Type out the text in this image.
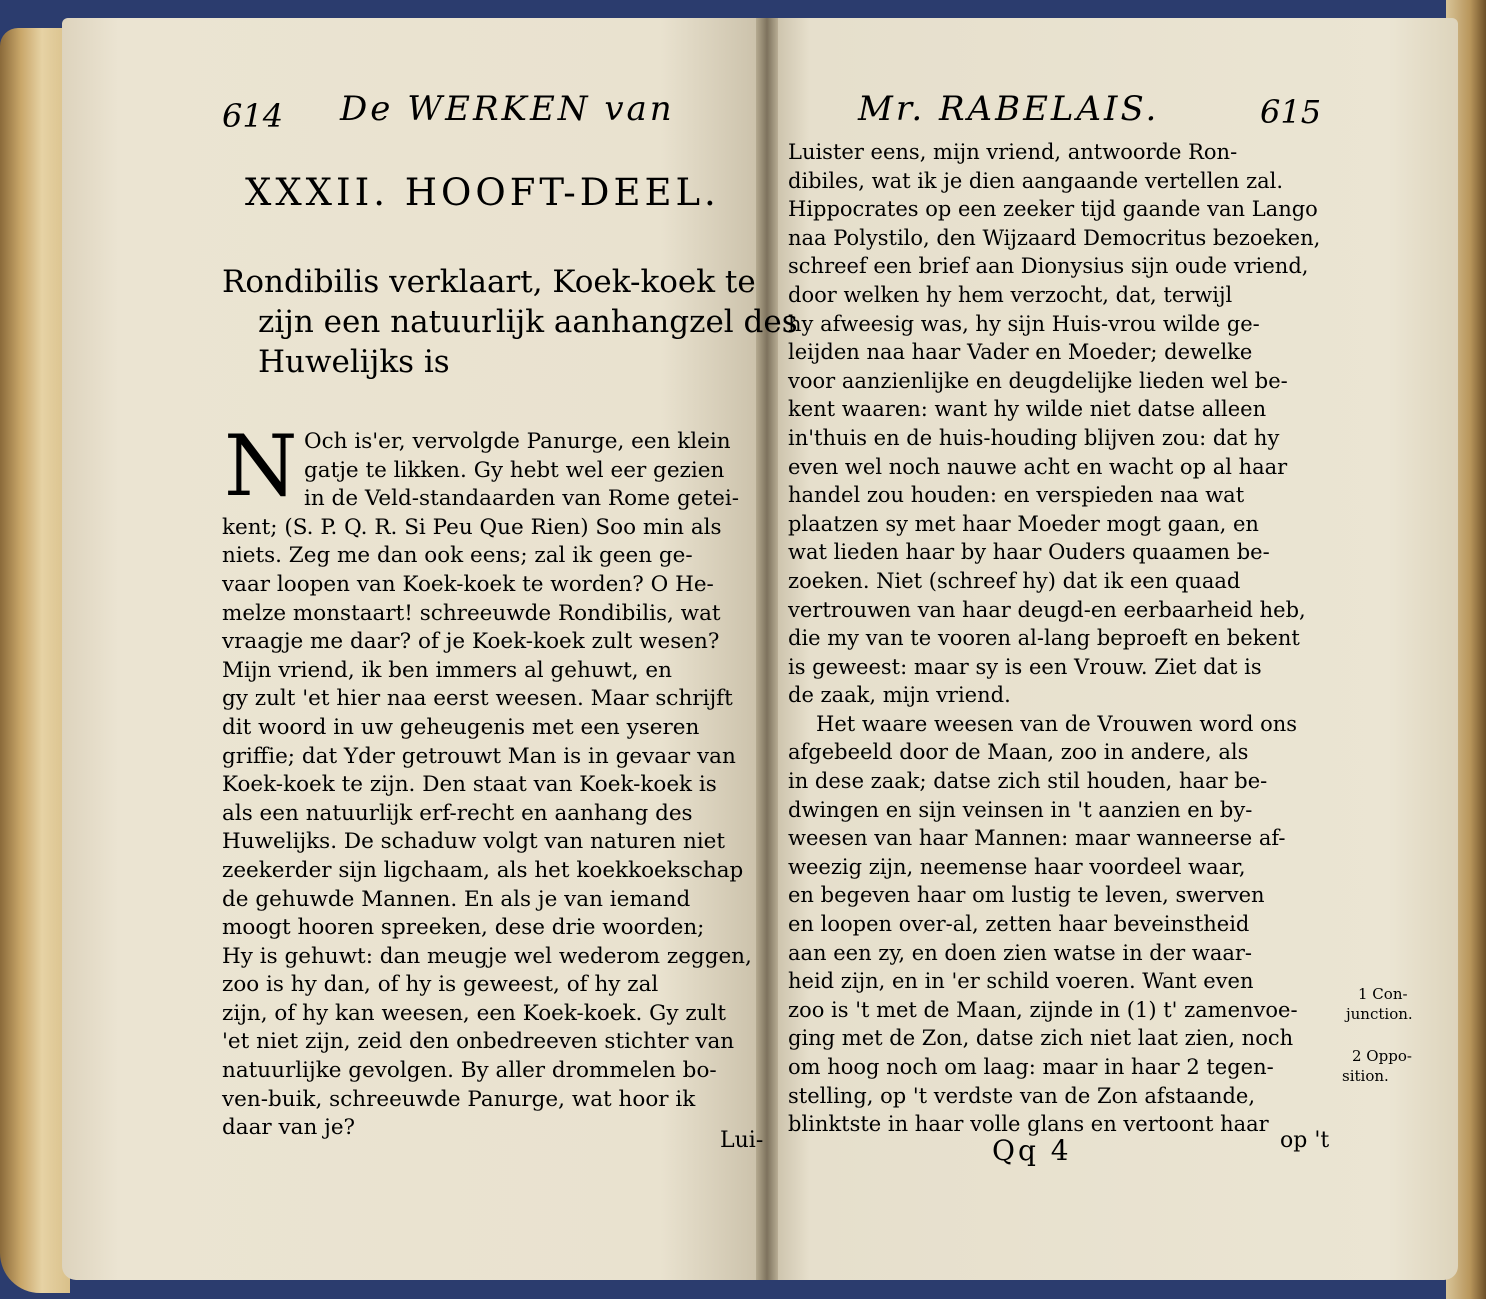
614 De WERKEN van
XXXII. HOOFT-DEEL.
Rondibilis verklaart, Koek-koek te
zijn een natuurlijk aanhangzel des
Huwelijks is
N Och is'er, vervolgde Panurge, een klein
gatje te likken. Gy hebt wel eer gezien
in de Veld-standaarden van Rome getei-
kent; (S. P. Q. R. Si Peu Que Rien) Soo min als
niets. Zeg me dan ook eens; zal ik geen ge-
vaar loopen van Koek-koek te worden? O He-
melze monstaart! schreeuwde Rondibilis, wat
vraagje me daar? of je Koek-koek zult wesen?
Mijn vriend, ik ben immers al gehuwt, en
gy zult 'et hier naa eerst weesen. Maar schrijft
dit woord in uw geheugenis met een yseren
griffie; dat Yder getrouwt Man is in gevaar van
Koek-koek te zijn. Den staat van Koek-koek is
als een natuurlijk erf-recht en aanhang des
Huwelijks. De schaduw volgt van naturen niet
zeekerder sijn ligchaam, als het koekkoekschap
de gehuwde Mannen. En als je van iemand
moogt hooren spreeken, dese drie woorden;
Hy is gehuwt: dan meugje wel wederom zeggen,
zoo is hy dan, of hy is geweest, of hy zal
zijn, of hy kan weesen, een Koek-koek. Gy zult
'et niet zijn, zeid den onbedreeven stichter van
natuurlijke gevolgen. By aller drommelen bo-
ven-buik, schreeuwde Panurge, wat hoor ik
daar van je?
Lui-
Mr. RABELAIS.	615
Luister eens, mijn vriend, antwoorde Ron-
dibiles, wat ik je dien aangaande vertellen zal.
Hippocrates op een zeeker tijd gaande van Lango
naa Polystilo, den Wijzaard Democritus bezoeken,
schreef een brief aan Dionysius sijn oude vriend,
door welken hy hem verzocht, dat, terwijl
hy afweesig was, hy sijn Huis-vrou wilde ge-
leijden naa haar Vader en Moeder; dewelke
voor aanzienlijke en deugdelijke lieden wel be-
kent waaren: want hy wilde niet datse alleen
in'thuis en de huis-houding blijven zou: dat hy
even wel noch nauwe acht en wacht op al haar
handel zou houden: en verspieden naa wat
plaatzen sy met haar Moeder mogt gaan, en
wat lieden haar by haar Ouders quaamen be-
zoeken. Niet (schreef hy) dat ik een quaad
vertrouwen van haar deugd-en eerbaarheid heb,
die my van te vooren al-lang beproeft en bekent
is geweest: maar sy is een Vrouw. Ziet dat is
de zaak, mijn vriend.
Het waare weesen van de Vrouwen word ons
afgebeeld door de Maan, zoo in andere, als
in dese zaak; datse zich stil houden, haar be-
dwingen en sijn veinsen in 't aanzien en by-
weesen van haar Mannen: maar wanneerse af-
weezig zijn, neemense haar voordeel waar,
en begeven haar om lustig te leven, swerven
en loopen over-al, zetten haar beveinstheid
aan een zy, en doen zien watse in der waar-
heid zijn, en in 'er schild voeren. Want even
zoo is 't met de Maan, zijnde in (1) t' zamenvoe-
ging met de Zon, datse zich niet laat zien, noch
om hoog noch om laag: maar in haar 2 tegen-
stelling, op 't verdste van de Zon afstaande,
blinktste in haar volle glans en vertoont haar
1 Con-
junction.
2 Oppo-
sition.
Qq 4	op 't
